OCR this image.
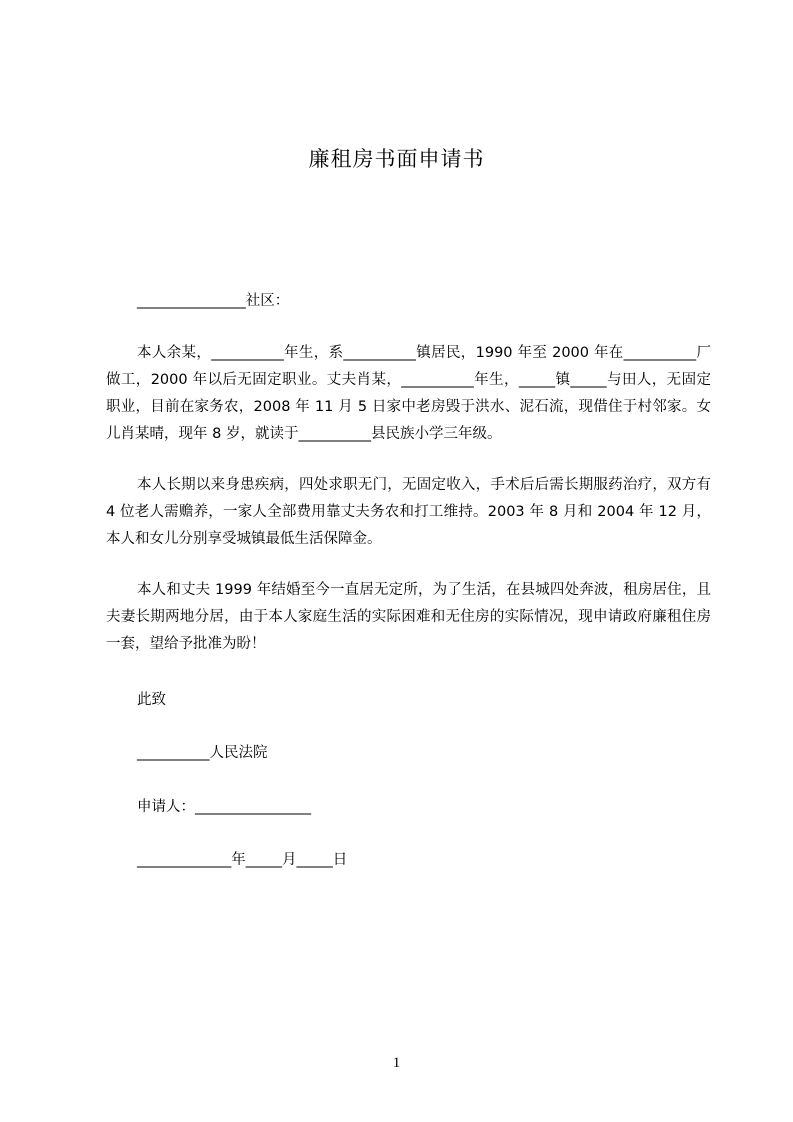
廉租房书面申请书
_______________社区：
本人余某，__________年生，系__________镇居民，1990 年至 2000 年在__________厂做工，2000 年以后无固定职业。丈夫肖某，__________年生，_____镇_____与田人，无固定职业，目前在家务农，2008 年 11 月 5 日家中老房毁于洪水、泥石流，现借住于村邻家。女儿肖某晴，现年 8 岁，就读于__________县民族小学三年级。
本人长期以来身患疾病，四处求职无门，无固定收入，手术后后需长期服药治疗，双方有 4 位老人需赡养，一家人全部费用靠丈夫务农和打工维持。2003 年 8 月和 2004 年 12 月，本人和女儿分别享受城镇最低生活保障金。
本人和丈夫 1999 年结婚至今一直居无定所，为了生活，在县城四处奔波，租房居住，且夫妻长期两地分居，由于本人家庭生活的实际困难和无住房的实际情况，现申请政府廉租住房一套，望给予批准为盼！
此致
__________人民法院
申请人：________________
_____________年_____月_____日
1
